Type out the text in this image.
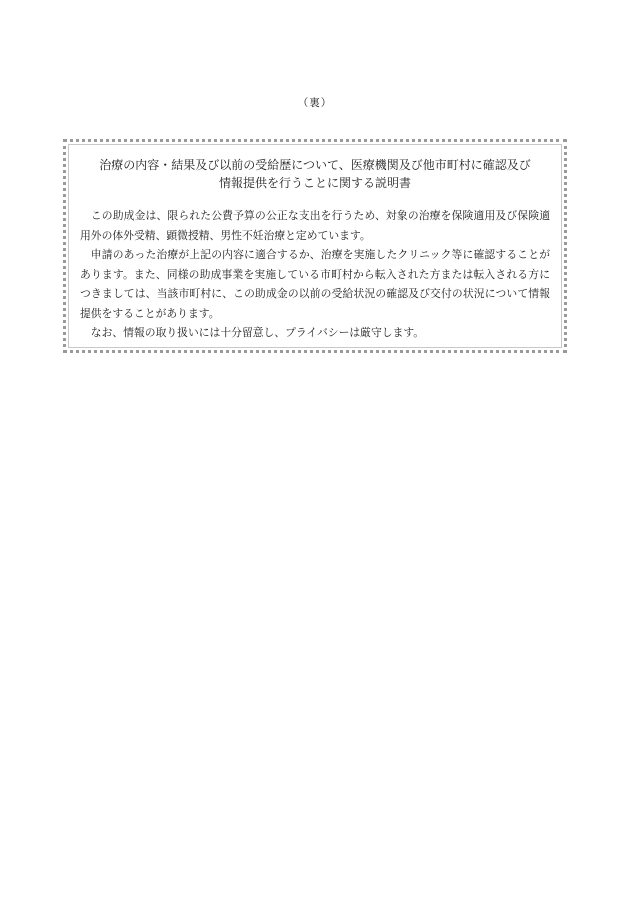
（裏）
治療の内容・結果及び以前の受給歴について、医療機関及び他市町村に確認及び
情報提供を行うことに関する説明書

この助成金は、限られた公費予算の公正な支出を行うため、対象の治療を保険適用及び保険適用外の体外受精、顕微授精、男性不妊治療と定めています。

申請のあった治療が上記の内容に適合するか、治療を実施したクリニック等に確認することがあります。また、同様の助成事業を実施している市町村から転入された方または転入される方につきましては、当該市町村に、この助成金の以前の受給状況の確認及び交付の状況について情報提供をすることがあります。

なお、情報の取り扱いには十分留意し、プライバシーは厳守します。
